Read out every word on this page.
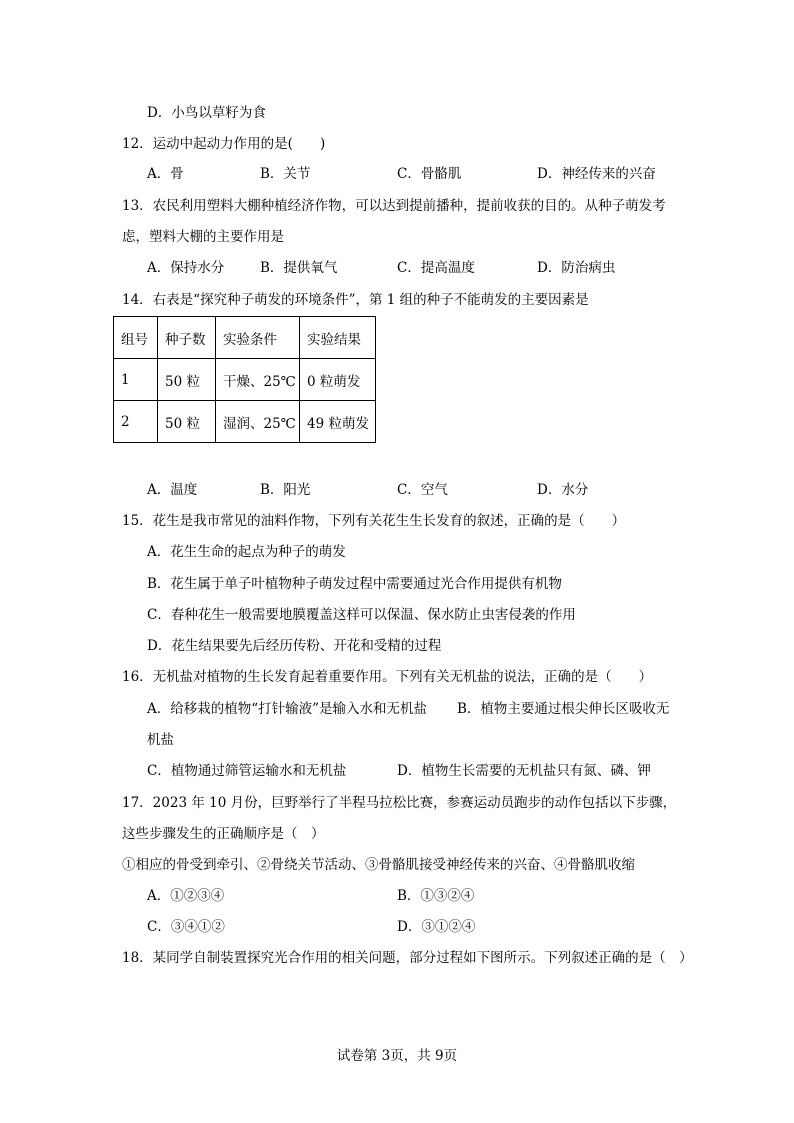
D．小鸟以草籽为食
12．运动中起动力作用的是(　　)
A．骨	B．关节	C．骨骼肌	D．神经传来的兴奋
13．农民利用塑料大棚种植经济作物，可以达到提前播种，提前收获的目的。从种子萌发考
虑，塑料大棚的主要作用是
A．保持水分	B．提供氧气	C．提高温度	D．防治病虫
14．右表是“探究种子萌发的环境条件”，第 1 组的种子不能萌发的主要因素是
组号	种子数	实验条件	实验结果
1	50 粒	干燥、25℃	0 粒萌发
2	50 粒	湿润、25℃	49 粒萌发
A．温度	B．阳光	C．空气	D．水分
15．花生是我市常见的油料作物，下列有关花生生长发育的叙述，正确的是（　　）
A．花生生命的起点为种子的萌发
B．花生属于单子叶植物种子萌发过程中需要通过光合作用提供有机物
C．春种花生一般需要地膜覆盖这样可以保温、保水防止虫害侵袭的作用
D．花生结果要先后经历传粉、开花和受精的过程
16．无机盐对植物的生长发育起着重要作用。下列有关无机盐的说法，正确的是（　　）
A．给移栽的植物“打针输液”是输入水和无机盐 B．植物主要通过根尖伸长区吸收无
机盐
C．植物通过筛管运输水和无机盐	D．植物生长需要的无机盐只有氮、磷、钾
17．2023 年 10 月份，巨野举行了半程马拉松比赛，参赛运动员跑步的动作包括以下步骤，
这些步骤发生的正确顺序是（　）
①相应的骨受到牵引、②骨绕关节活动、③骨骼肌接受神经传来的兴奋、④骨骼肌收缩
A．①②③④	B．①③②④
C．③④①②	D．③①②④
18．某同学自制装置探究光合作用的相关问题，部分过程如下图所示。下列叙述正确的是（　）
试卷第 3页，共 9页
